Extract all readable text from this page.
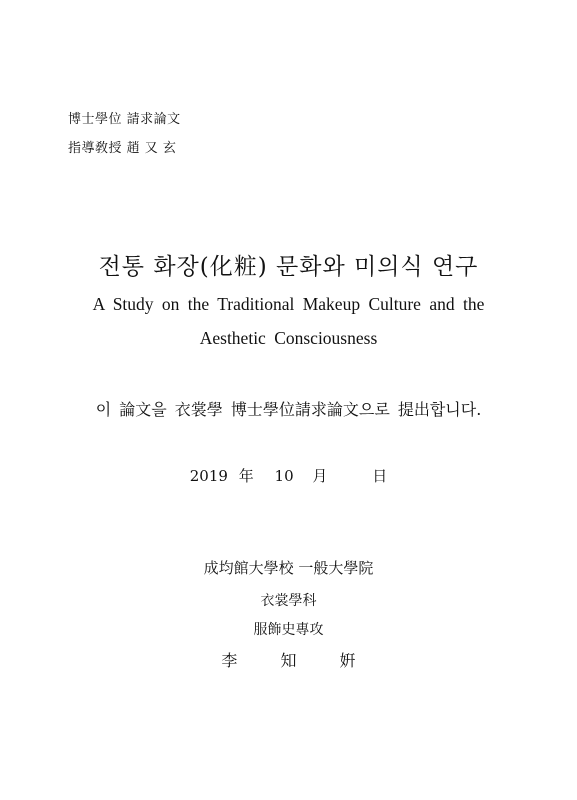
博士學位 請求論文
指導敎授 趙 又 玄
전통 화장(化粧) 문화와 미의식 연구
A Study on the Traditional Makeup Culture and the
Aesthetic Consciousness
이 論文을 衣裳學 博士學位請求論文으로 提出합니다.
2019 年 10 月	日
成均館大學校 一般大學院
衣裳學科
服飾史專攻
李	知	姸
